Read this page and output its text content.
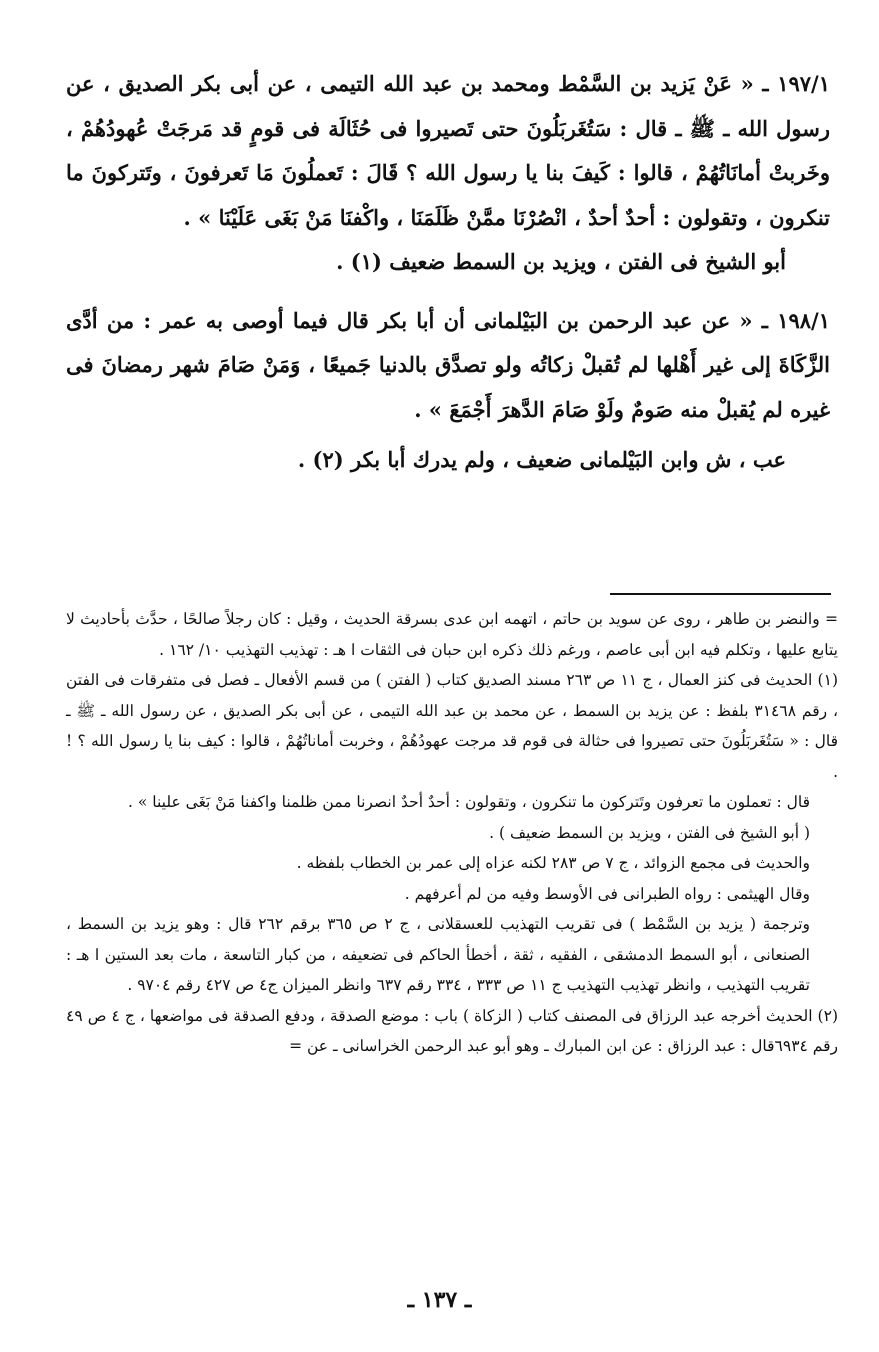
١٩٧/١ ـ « عَنْ يَزيد بن السَّمْط ومحمد بن عبد الله التيمى ، عن أبى بكر الصديق ، عن رسول الله ـ ﷺ ـ قال : سَتُغَربَلُونَ حتى تَصيروا فى حُثَالَة فى قومٍ قد مَرجَتْ عُهودُهُمْ ، وخَربتْ أمانَاتُهُمْ ، قالوا : كَيفَ بنا يا رسول الله ؟ قَالَ : تَعملُونَ مَا تَعرفونَ ، وتَتركونَ ما تنكرون ، وتقولون : أحدٌ أحدٌ ، انْصُرْنَا ممَّنْ ظَلَمَنَا ، واكْفنَا مَنْ بَغَى عَلَيْنَا » .

أبو الشيخ فى الفتن ، ويزيد بن السمط ضعيف (١) .

١٩٨/١ ـ « عن عبد الرحمن بن البَيْلمانى أن أبا بكر قال فيما أوصى به عمر : من أدَّى الزَّكَاةَ إلى غير أَهْلها لم تُقبلْ زكاتُه ولو تصدَّق بالدنيا جَميعًا ، وَمَنْ صَامَ شهر رمضانَ فى غيره لم يُقبلْ منه صَومٌ ولَوْ صَامَ الدَّهرَ أَجْمَعَ » .

عب ، ش وابن البَيْلمانى ضعيف ، ولم يدرك أبا بكر (٢) .

= والنضر بن طاهر ، روى عن سويد بن حاتم ، اتهمه ابن عدى بسرقة الحديث ، وقيل : كان رجلاً صالحًا ، حدَّث بأحاديث لا يتابع عليها ، وتكلم فيه ابن أبى عاصم ، ورغم ذلك ذكره ابن حبان فى الثقات ا هـ : تهذيب التهذيب ١٠/ ١٦٢ .

(١) الحديث فى كنز العمال ، ج ١١ ص ٢٦٣ مسند الصديق كتاب ( الفتن ) من قسم الأفعال ـ فصل فى متفرقات فى الفتن ، رقم ٣١٤٦٨ بلفظ : عن يزيد بن السمط ، عن محمد بن عبد الله التيمى ، عن أبى بكر الصديق ، عن رسول الله ـ ﷺ ـ قال : « سَتُغَربَلُونَ حتى تصيروا فى حثالة فى قوم قد مرجت عهودُهُمْ ، وخربت أماناتُهُمْ ، قالوا : كيف بنا يا رسول الله ؟ ! .

قال : تعملون ما تعرفون وتَتركون ما تنكرون ، وتقولون : أحدٌ أحدٌ انصرنا ممن ظلمنا واكفنا مَنْ بَغَى علينا » .

( أبو الشيخ فى الفتن ، ويزيد بن السمط ضعيف ) .

والحديث فى مجمع الزوائد ، ج ٧ ص ٢٨٣ لكنه عزاه إلى عمر بن الخطاب بلفظه .

وقال الهيثمى : رواه الطبرانى فى الأوسط وفيه من لم أعرفهم .

وترجمة ( يزيد بن السَّمْط ) فى تقريب التهذيب للعسقلانى ، ج ٢ ص ٣٦٥ برقم ٢٦٢ قال : وهو يزيد بن السمط ، الصنعانى ، أبو السمط الدمشقى ، الفقيه ، ثقة ، أخطأ الحاكم فى تضعيفه ، من كبار التاسعة ، مات بعد الستين ا هـ : تقريب التهذيب ، وانظر تهذيب التهذيب ج ١١ ص ٣٣٣ ، ٣٣٤ رقم ٦٣٧ وانظر الميزان ج٤ ص ٤٢٧ رقم ٩٧٠٤ .

(٢) الحديث أخرجه عبد الرزاق فى المصنف كتاب ( الزكاة ) باب : موضع الصدقة ، ودفع الصدقة فى مواضعها ، ج ٤ ص ٤٩ رقم ٦٩٣٤قال : عبد الرزاق : عن ابن المبارك ـ وهو أبو عبد الرحمن الخراسانى ـ عن =

ـ ١٣٧ ـ
